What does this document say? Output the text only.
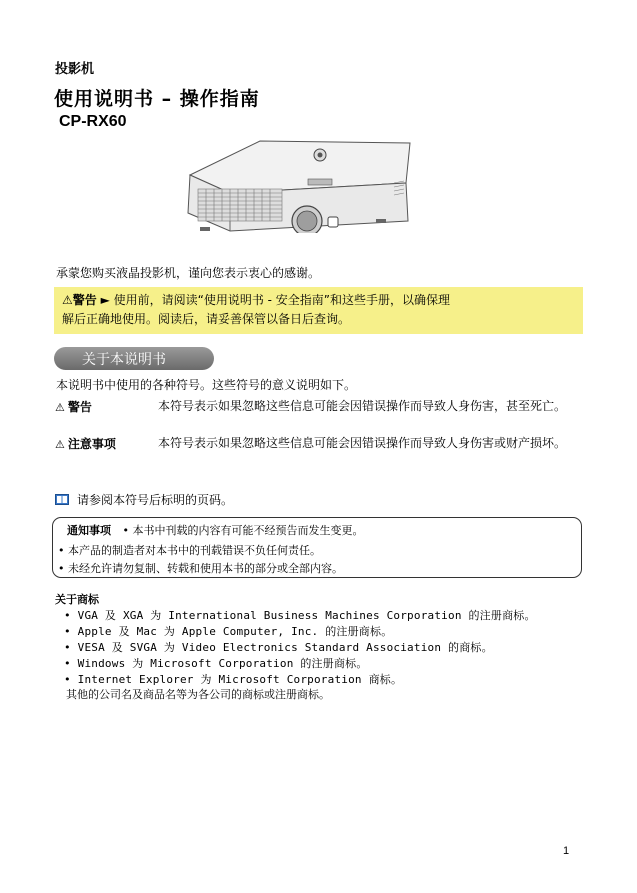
投影机
使用说明书 – 操作指南
CP-RX60
承蒙您购买液晶投影机，谨向您表示衷心的感谢。
⚠警告 ► 使用前，请阅读“使用说明书 - 安全指南”和这些手册，以确保理
解后正确地使用。阅读后，请妥善保管以备日后查询。
关于本说明书
本说明书中使用的各种符号。这些符号的意义说明如下。
⚠ 警告	本符号表示如果忽略这些信息可能会因错误操作而导致人身伤害，甚至死亡。
⚠ 注意事项	本符号表示如果忽略这些信息可能会因错误操作而导致人身伤害或财产损坏。
请参阅本符号后标明的页码。
通知事项 • 本书中刊载的内容有可能不经预告而发生变更。
• 本产品的制造者对本书中的刊载错误不负任何责任。
• 未经允许请勿复制、转载和使用本书的部分或全部内容。
关于商标
• VGA 及 XGA 为 International Business Machines Corporation 的注册商标。
• Apple 及 Mac 为 Apple Computer, Inc. 的注册商标。
• VESA 及 SVGA 为 Video Electronics Standard Association 的商标。
• Windows 为 Microsoft Corporation 的注册商标。
• Internet Explorer 为 Microsoft Corporation 商标。
其他的公司名及商品名等为各公司的商标或注册商标。
1
